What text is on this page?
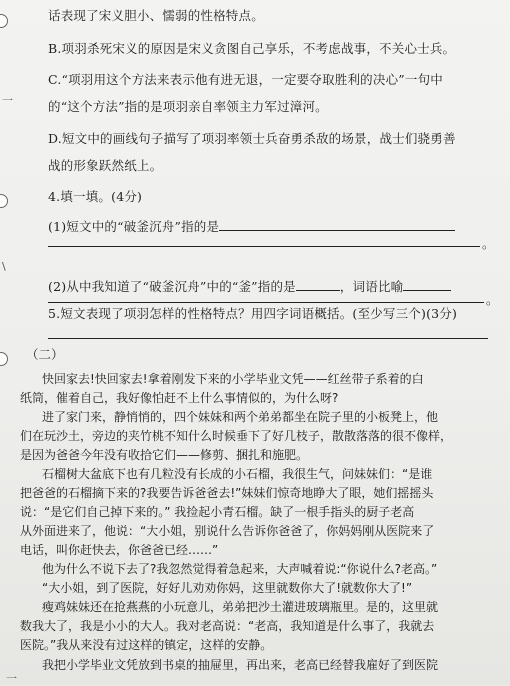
一
\
一
话表现了宋义胆小、懦弱的性格特点。
B.项羽杀死宋义的原因是宋义贪图自己享乐，不考虑战事，不关心士兵。
C.“项羽用这个方法来表示他有进无退，一定要夺取胜利的决心”一句中
的“这个方法”指的是项羽亲自率领主力军过漳河。
D.短文中的画线句子描写了项羽率领士兵奋勇杀敌的场景，战士们骁勇善
战的形象跃然纸上。
4.填一填。(4分)
(1)短文中的“破釜沉舟”指的是
。
(2)从中我知道了“破釜沉舟”中的“釜”指的是	，词语比喻
。
5.短文表现了项羽怎样的性格特点？用四字词语概括。(至少写三个)(3分)
（二）
快回家去!快回家去!拿着刚发下来的小学毕业文凭——红丝带子系着的白
纸筒，催着自己，我好像怕赶不上什么事情似的，为什么呀?
进了家门来，静悄悄的，四个妹妹和两个弟弟都坐在院子里的小板凳上，他
们在玩沙土，旁边的夹竹桃不知什么时候垂下了好几枝子，散散落落的很不像样，
是因为爸爸今年没有收拾它们——修剪、捆扎和施肥。
石榴树大盆底下也有几粒没有长成的小石榴，我很生气，问妹妹们：“是谁
把爸爸的石榴摘下来的?我要告诉爸爸去!”妹妹们惊奇地睁大了眼，她们摇摇头
说：“是它们自己掉下来的。” 我捡起小青石榴。缺了一根手指头的厨子老高
从外面进来了，他说：“大小姐，别说什么告诉你爸爸了，你妈妈刚从医院来了
电话，叫你赶快去，你爸爸已经……”
他为什么不说下去了?我忽然觉得着急起来，大声喊着说:“你说什么?老高。”
“大小姐，到了医院，好好儿劝劝你妈，这里就数你大了!就数你大了!”
瘦鸡妹妹还在抢燕燕的小玩意儿，弟弟把沙土灌进玻璃瓶里。是的，这里就
数我大了，我是小小的大人。我对老高说：“老高，我知道是什么事了，我就去
医院。”我从来没有过这样的镇定，这样的安静。
我把小学毕业文凭放到书桌的抽屉里，再出来，老高已经替我雇好了到医院
